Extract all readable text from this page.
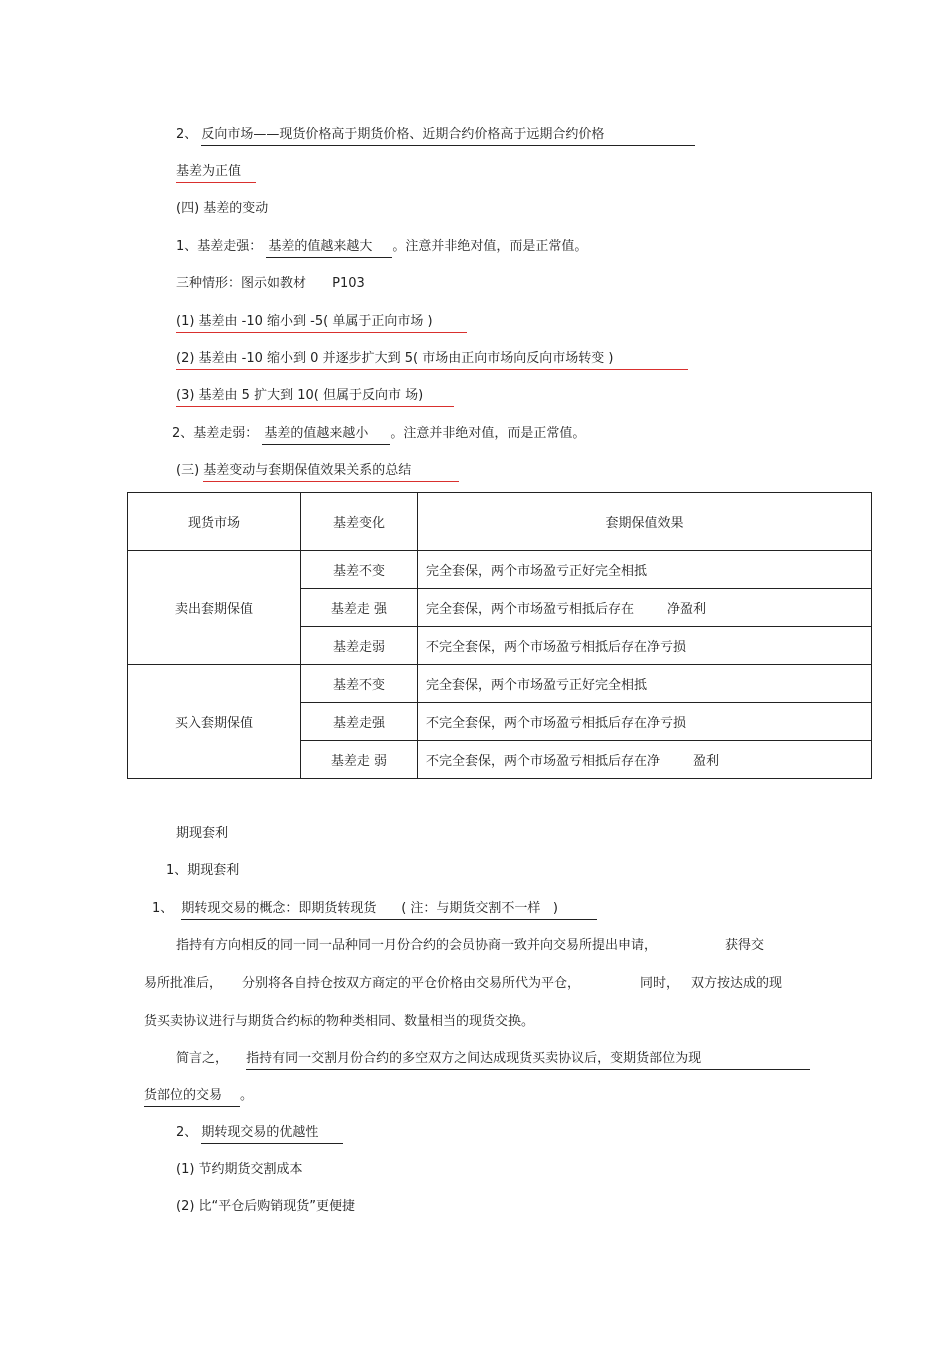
2、 反向市场——现货价格高于期货价格、近期合约价格高于远期合约价格
基差为正值
(四) 基差的变动
1、基差走强： 基差的值越来越大 。注意并非绝对值，而是正常值。
三种情形：图示如教材 P103
(1) 基差由 -10 缩小到 -5( 单属于正向市场 )
(2) 基差由 -10 缩小到 0 并逐步扩大到 5( 市场由正向市场向反向市场转变 )
(3) 基差由 5 扩大到 10( 但属于反向市 场)
2、基差走弱： 基差的值越来越小 。注意并非绝对值，而是正常值。
(三) 基差变动与套期保值效果关系的总结
现货市场	基差变化	套期保值效果
卖出套期保值	基差不变	完全套保，两个市场盈亏正好完全相抵
	基差走 强	完全套保，两个市场盈亏相抵后存在        净盈利
	基差走弱	不完全套保，两个市场盈亏相抵后存在净亏损
买入套期保值	基差不变	完全套保，两个市场盈亏正好完全相抵
	基差走强	不完全套保，两个市场盈亏相抵后存在净亏损
	基差走 弱	不完全套保，两个市场盈亏相抵后存在净        盈利
期现套利
1、期现套利
1、 期转现交易的概念：即期货转现货      ( 注：与期货交割不一样   )
指持有方向相反的同一同一品种同一月份合约的会员协商一致并向交易所提出申请，	获得交
易所批准后， 分别将各自持仓按双方商定的平仓价格由交易所代为平仓，	同时， 双方按达成的现
货买卖协议进行与期货合约标的物种类相同、数量相当的现货交换。
简言之， 指持有同一交割月份合约的多空双方之间达成现货买卖协议后，变期货部位为现
货部位的交易 。
2、 期转现交易的优越性
(1) 节约期货交割成本
(2) 比“平仓后购销现货”更便捷
